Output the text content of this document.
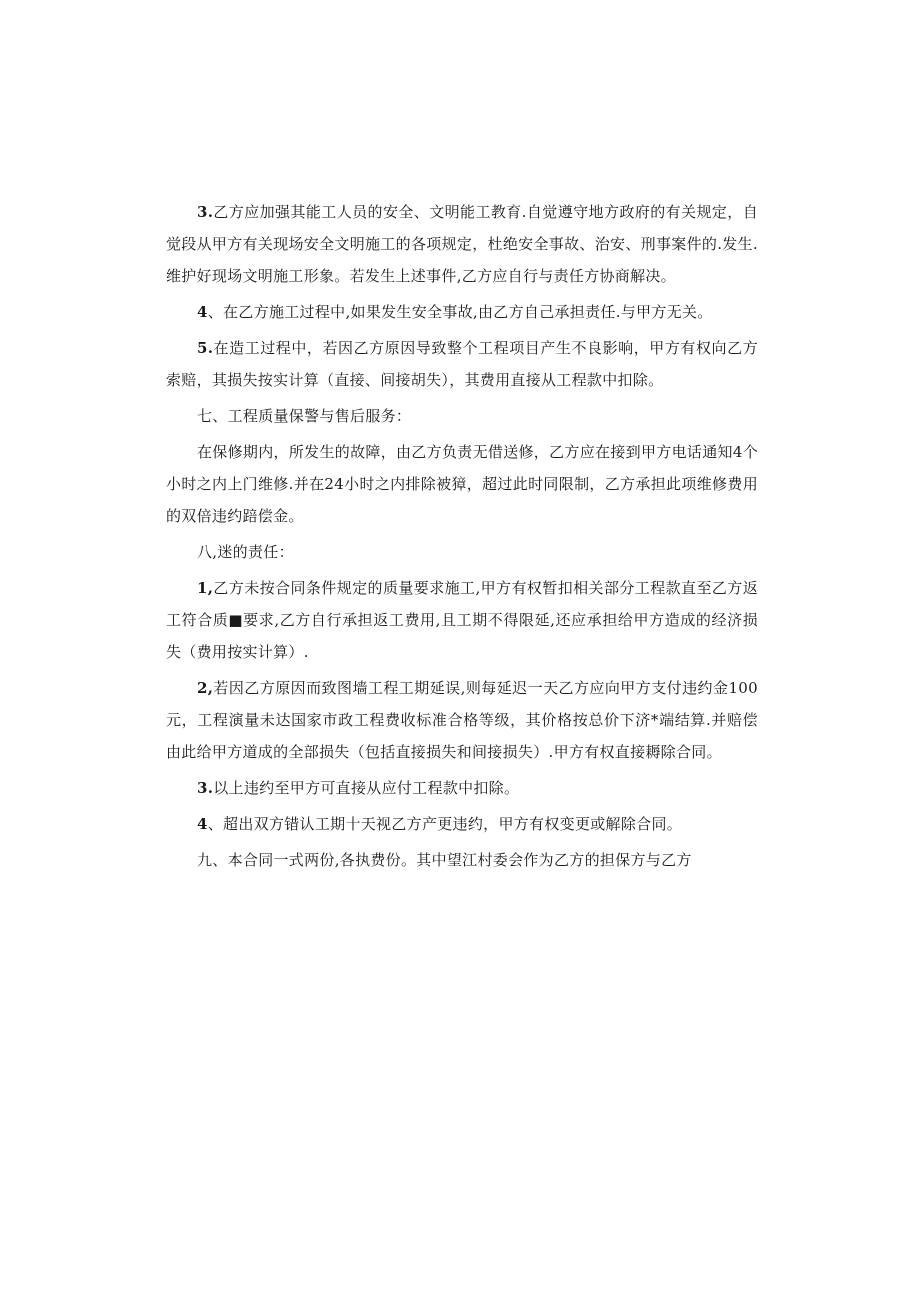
3.乙方应加强其能工人员的安全、文明能工教育.自觉遵守地方政府的有关规定，自觉段从甲方有关现场安全文明施工的各项规定，杜绝安全事故、治安、刑事案件的.发生.维护好现场文明施工形象。若发生上述事件,乙方应自行与责任方协商解决。

4、在乙方施工过程中,如果发生安全事故,由乙方自己承担责任.与甲方无关。

5.在造工过程中，若因乙方原因导致整个工程项目产生不良影响，甲方有权向乙方索赔，其损失按实计算（直接、间接胡失），其费用直接从工程款中扣除。

七、工程质量保警与售后服务：

在保修期内，所发生的故障，由乙方负责无借送修，乙方应在接到甲方电话通知4个小时之内上门维修.并在24小时之内排除被獐，超过此时同限制，乙方承担此项维修费用的双倍违约踣偿金。

八,迷的责任：

1,乙方未按合同条件规定的质量要求施工,甲方有权暂扣相关部分工程款直至乙方返工符合质■要求,乙方自行承担返工费用,且工期不得限延,还应承担给甲方造成的经济损失（费用按实计算）.

2,若因乙方原因而致图墙工程工期延误,则每延迟一天乙方应向甲方支付违约金100元，工程演量未达国家市政工程费收标准合格等级，其价格按总价下济*端结算.并赔偿由此给甲方道成的全部损失（包括直接损失和间接损失）.甲方有权直接耨除合同。

3.以上违约至甲方可直接从应付工程款中扣除。

4、超出双方错认工期十天视乙方产更违约，甲方有权变更或解除合同。

九、本合同一式两份,各执费份。其中望江村委会作为乙方的担保方与乙方
